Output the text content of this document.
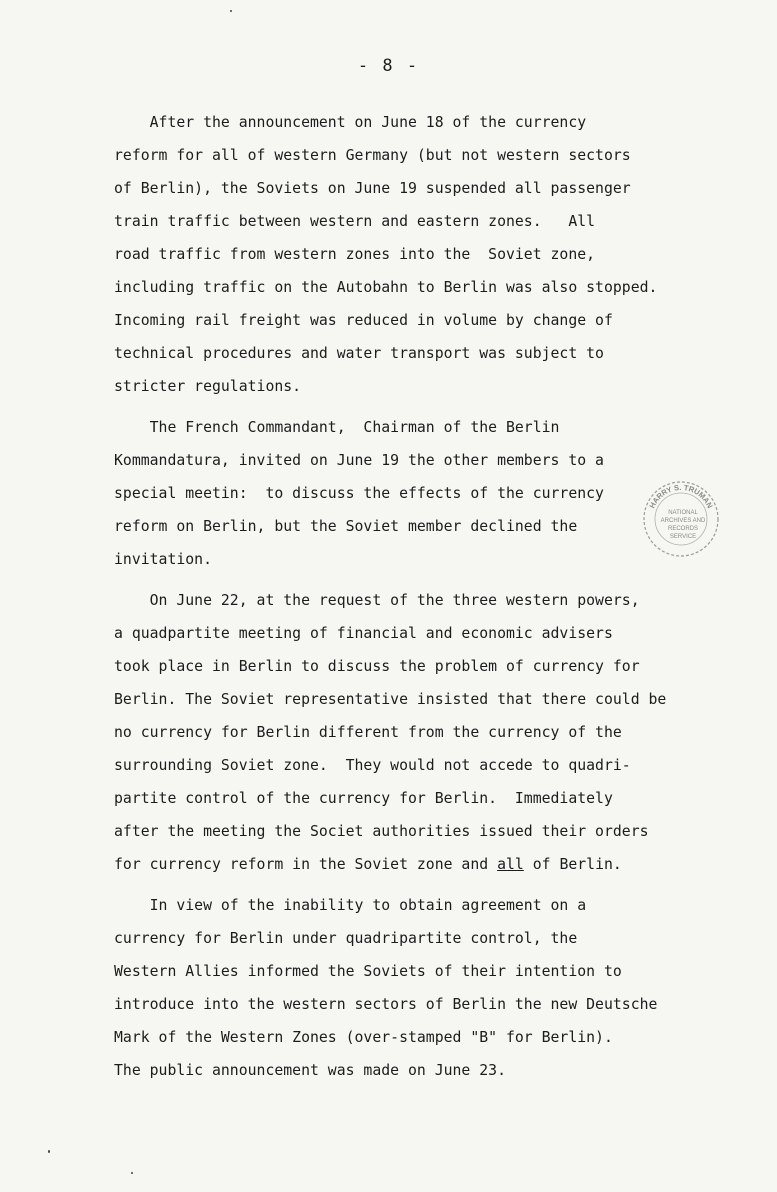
- 8 -
After the announcement on June 18 of the currency
reform for all of western Germany (but not western sectors
of Berlin), the Soviets on June 19 suspended all passenger
train traffic between western and eastern zones.   All
road traffic from western zones into the  Soviet zone,
including traffic on the Autobahn to Berlin was also stopped.
Incoming rail freight was reduced in volume by change of
technical procedures and water transport was subject to
stricter regulations.
The French Commandant,  Chairman of the Berlin
Kommandatura, invited on June 19 the other members to a
special meetin:  to discuss the effects of the currency
reform on Berlin, but the Soviet member declined the
invitation.
On June 22, at the request of the three western powers,
a quadpartite meeting of financial and economic advisers
took place in Berlin to discuss the problem of currency for
Berlin. The Soviet representative insisted that there could be
no currency for Berlin different from the currency of the
surrounding Soviet zone.  They would not accede to quadri-
partite control of the currency for Berlin.  Immediately
after the meeting the Societ authorities issued their orders
for currency reform in the Soviet zone and all of Berlin.
In view of the inability to obtain agreement on a
currency for Berlin under quadripartite control, the
Western Allies informed the Soviets of their intention to
introduce into the western sectors of Berlin the new Deutsche
Mark of the Western Zones (over-stamped "B" for Berlin).
The public announcement was made on June 23.
HARRY S. TRUMAN
NATIONAL
ARCHIVES AND
RECORDS
SERVICE
